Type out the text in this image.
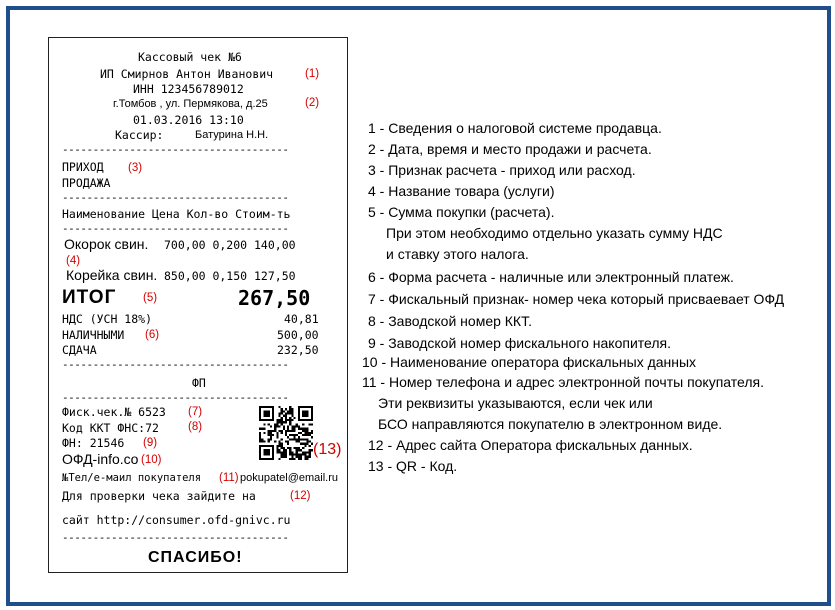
Кассовый чек №6
ИП Смирнов Антон Иванович	(1)
ИНН 123456789012
г.Томбов , ул. Пермякова, д.25	(2)
01.03.2016 13:10
Кассир:	Батурина Н.Н.
-------------------------------------
ПРИХОД (3)
ПРОДАЖА
-------------------------------------
Наименование Цена Кол-во Стоим-ть
-------------------------------------
Окорок свин. 700,00 0,200 140,00
(4)
Корейка свин. 850,00 0,150 127,50
ИТОГ (5)	267,50
НДС (УСН 18%)	40,81
НАЛИЧНЫМИ (6)	500,00
СДАЧА	232,50
-------------------------------------
ФП
-------------------------------------
Фиск.чек.№ 6523 (7)
Код ККТ ФНС:72	(8)
ФН: 21546 (9)
ОФД-info.co (10)
(13)
№Тел/е-маил покупателя (11) pokupatel@email.ru
Для проверки чека зайдите на	(12)
сайт http://consumer.ofd-gnivc.ru
-------------------------------------
СПАСИБО!
1 - Сведения о налоговой системе продавца.
2 - Дата, время и место продажи и расчета.
3 - Признак расчета - приход или расход.
4 - Название товара (услуги)
5 - Сумма покупки (расчета).
При этом необходимо отдельно указать сумму НДС
и ставку этого налога.
6 - Форма расчета - наличные или электронный платеж.
7 - Фискальный признак- номер чека который присваевает ОФД
8 - Заводской номер ККТ.
9 - Заводской номер фискального накопителя.
10 - Наименование оператора фискальных данных
11 - Номер телефона и адрес электронной почты покупателя.
Эти реквизиты указываются, если чек или
БСО направляются покупателю в электронном виде.
12 - Адрес сайта Оператора фискальных данных.
13 - QR - Код.
